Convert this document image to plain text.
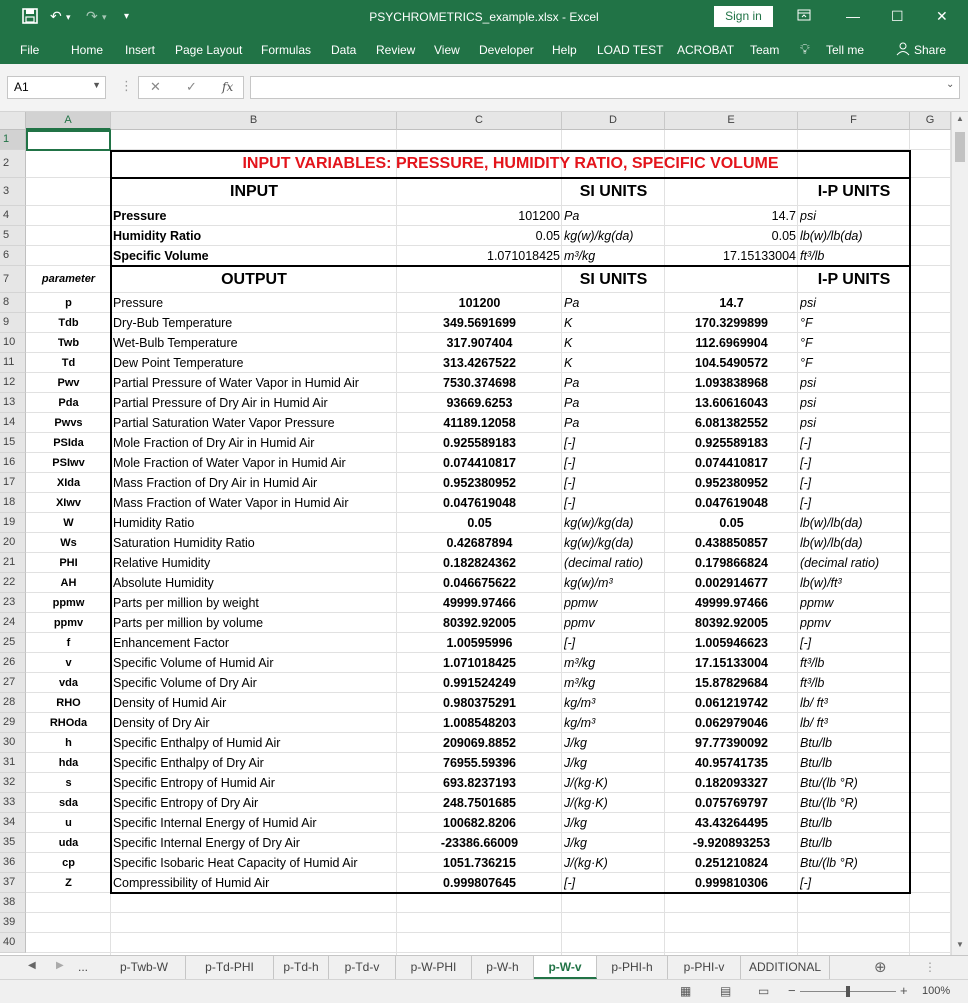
↶ ▾ ↷ ▾ ▾	PSYCHROMETRICS_example.xlsx - Excel	Sign in	— ☐ ✕
File	Home Insert Page Layout Formulas Data Review View Developer Help LOAD TEST ACROBAT Team 💡︎ Tell me	Share
A1	▼ ⋮ ✕ ✓ fx	⌄
A	B	C	D	E	F	G
1
2
3
4
5
6
7
8
9
10
11
12
13
14
15
16
17
18
19
20
21
22
23
24
25
26
27
28
29
30
31
32
33
34
35
36
37
38
39
40
INPUT VARIABLES: PRESSURE, HUMIDITY RATIO, SPECIFIC VOLUME
INPUT	SI UNITS	I-P UNITS
Pressure	101200 Pa	14.7 psi
Humidity Ratio	0.05 kg(w)/kg(da)	0.05 lb(w)/lb(da)
Specific Volume	1.071018425 m³/kg	17.15133004 ft³/lb
parameter	OUTPUT	SI UNITS	I-P UNITS
p	Pressure	101200	Pa	14.7	psi
Tdb	Dry-Bub Temperature	349.5691699	K	170.3299899	°F
Twb	Wet-Bulb Temperature	317.907404	K	112.6969904	°F
Td	Dew Point Temperature	313.4267522	K	104.5490572	°F
Pwv	Partial Pressure of Water Vapor in Humid Air	7530.374698	Pa	1.093838968	psi
Pda	Partial Pressure of Dry Air in Humid Air	93669.6253	Pa	13.60616043	psi
Pwvs	Partial Saturation Water Vapor Pressure	41189.12058	Pa	6.081382552	psi
PSIda	Mole Fraction of Dry Air in Humid Air	0.925589183	[-]	0.925589183	[-]
PSIwv	Mole Fraction of Water Vapor in Humid Air	0.074410817	[-]	0.074410817	[-]
XIda	Mass Fraction of Dry Air in Humid Air	0.952380952	[-]	0.952380952	[-]
XIwv	Mass Fraction of Water Vapor in Humid Air	0.047619048	[-]	0.047619048	[-]
W	Humidity Ratio	0.05	kg(w)/kg(da)	0.05	lb(w)/lb(da)
Ws	Saturation Humidity Ratio	0.42687894	kg(w)/kg(da)	0.438850857	lb(w)/lb(da)
PHI	Relative Humidity	0.182824362	(decimal ratio)	0.179866824	(decimal ratio)
AH	Absolute Humidity	0.046675622	kg(w)/m³	0.002914677	lb(w)/ft³
ppmw	Parts per million by weight	49999.97466	ppmw	49999.97466	ppmw
ppmv	Parts per million by volume	80392.92005	ppmv	80392.92005	ppmv
f	Enhancement Factor	1.00595996	[-]	1.005946623	[-]
v	Specific Volume of Humid Air	1.071018425	m³/kg	17.15133004	ft³/lb
vda	Specific Volume of Dry Air	0.991524249	m³/kg	15.87829684	ft³/lb
RHO	Density of Humid Air	0.980375291	kg/m³	0.061219742	lb/ ft³
RHOda	Density of Dry Air	1.008548203	kg/m³	0.062979046	lb/ ft³
h	Specific Enthalpy of Humid Air	209069.8852	J/kg	97.77390092	Btu/lb
hda	Specific Enthalpy of Dry Air	76955.59396	J/kg	40.95741735	Btu/lb
s	Specific Entropy of Humid Air	693.8237193	J/(kg·K)	0.182093327	Btu/(lb °R)
sda	Specific Entropy of Dry Air	248.7501685	J/(kg·K)	0.075769797	Btu/(lb °R)
u	Specific Internal Energy of Humid Air	100682.8206	J/kg	43.43264495	Btu/lb
uda	Specific Internal Energy of Dry Air	-23386.66009	J/kg	-9.920893253	Btu/lb
cp	Specific Isobaric Heat Capacity of Humid Air	1051.736215	J/(kg·K)	0.251210824	Btu/(lb °R)
Z	Compressibility of Humid Air	0.999807645	[-]	0.999810306	[-]
▲
▼
◀ ▶ ...	p-Twb-W	p-Td-PHI	p-Td-h	p-Td-v	p-W-PHI	p-W-h	p-W-v	p-PHI-h	p-PHI-v	ADDITIONAL	⊕	⋮
▦ ▤ ▭ −	+ 100%
